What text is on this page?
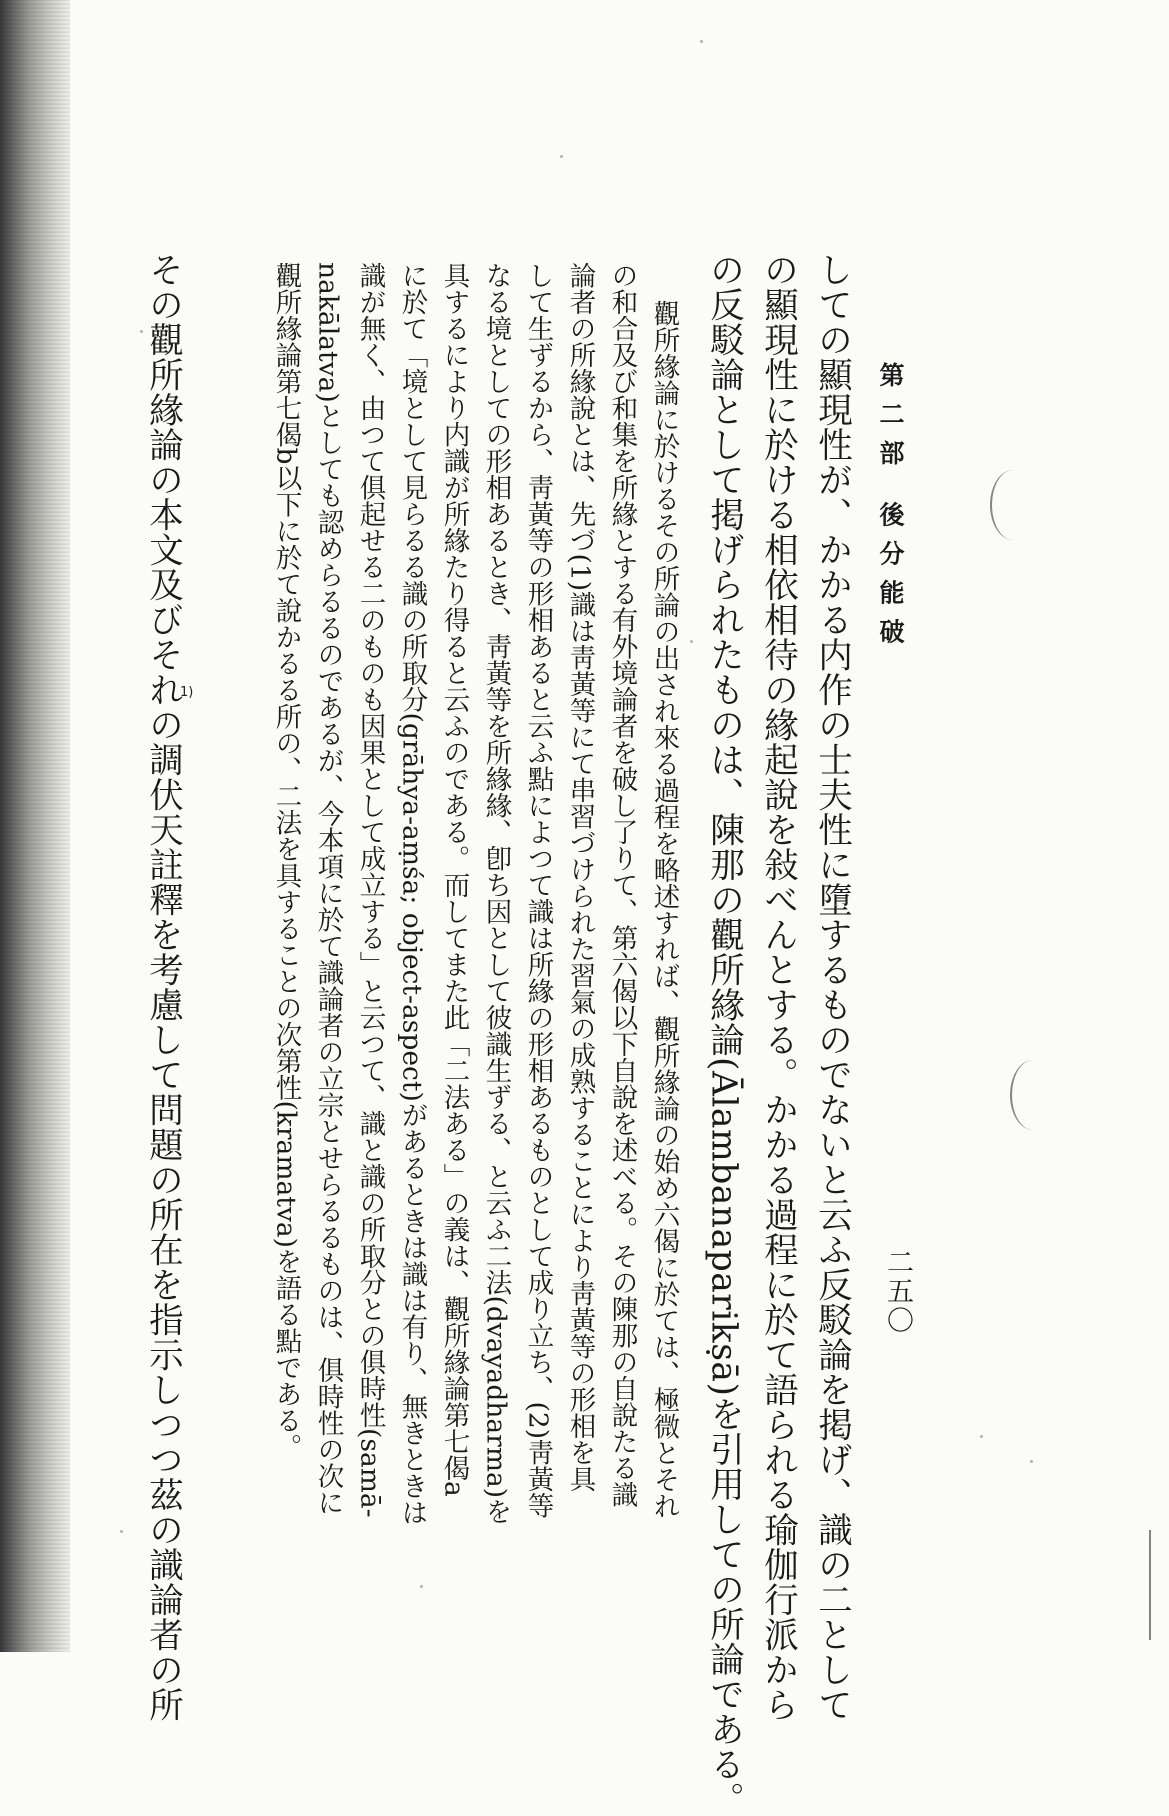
第二部 後分能破
二五〇
しての顯現性が、かかる内作の士夫性に墮するものでないと云ふ反駁論を掲げ、識の二として
の顯現性に於ける相依相待の緣起說を敍べんとする。かかる過程に於て語られる瑜伽行派から
の反駁論として掲げられたものは、陳那の觀所緣論(Ālambanaparikṣā)を引用しての所論である。
觀所緣論に於けるその所論の出され來る過程を略述すれば、觀所緣論の始め六偈に於ては、極微とそれ
の和合及び和集を所緣とする有外境論者を破し了りて、第六偈以下自說を述べる。その陳那の自說たる識
論者の所緣說とは、先づ(1)識は靑黃等にて串習づけられた習氣の成熟することにより靑黃等の形相を具
して生ずるから、靑黃等の形相あると云ふ點によつて識は所緣の形相あるものとして成り立ち、(2)靑黃等
なる境としての形相あるとき、靑黃等を所緣緣、卽ち因として彼識生ずる、と云ふ二法(dvayadharma)を
具するにより内識が所緣たり得ると云ふのである。而してまた此「二法ある」の義は、觀所緣論第七偈a
に於て「境として見らるる識の所取分(grāhya-aṃśa; object-aspect)があるときは識は有り、無きときは
識が無く、由つて俱起せる二のものも因果として成立する」と云つて、識と識の所取分との俱時性(samā-
nakālatva)としても認めらるるのであるが、今本項に於て識論者の立宗とせらるるものは、俱時性の次に
觀所緣論第七偈b以下に於て說かるる所の、二法を具することの次第性(kramatva)を語る點である。
その觀所緣論の本文及びそれの調伏天註釋を考慮して問題の所在を指示しつつ茲の識論者の所
1)
